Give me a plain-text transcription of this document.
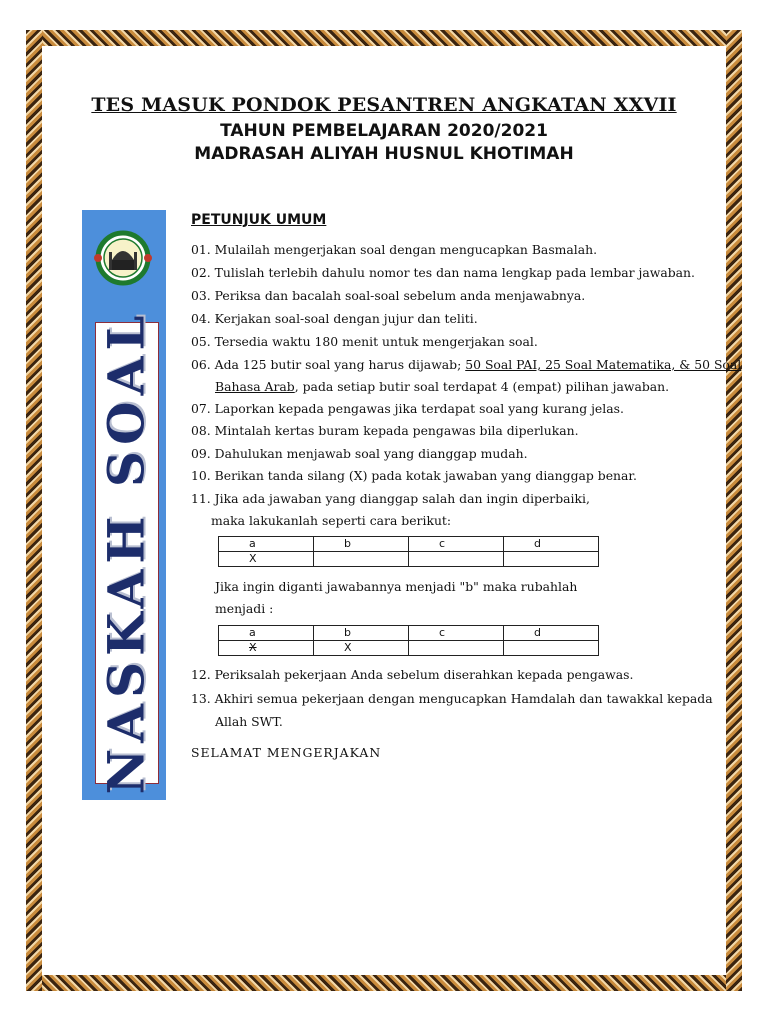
TES MASUK PONDOK PESANTREN ANGKATAN XXVII
TAHUN PEMBELAJARAN 2020/2021
MADRASAH ALIYAH HUSNUL KHOTIMAH
NASKAH SOAL
PETUNJUK UMUM
01. Mulailah mengerjakan soal dengan mengucapkan Basmalah.
02. Tulislah terlebih dahulu nomor tes dan nama lengkap pada lembar jawaban.
03. Periksa dan bacalah soal-soal sebelum anda menjawabnya.
04. Kerjakan soal-soal dengan jujur dan teliti.
05. Tersedia waktu 180 menit untuk mengerjakan soal.
06. Ada 125 butir soal yang harus dijawab; 50 Soal PAI, 25 Soal Matematika, & 50 Soal
Bahasa Arab, pada setiap butir soal terdapat 4 (empat) pilihan jawaban.
07. Laporkan kepada pengawas jika terdapat soal yang kurang jelas.
08. Mintalah kertas buram kepada pengawas bila diperlukan.
09. Dahulukan menjawab soal yang dianggap mudah.
10. Berikan tanda silang (X) pada kotak jawaban yang dianggap benar.
11. Jika ada jawaban yang dianggap salah dan ingin diperbaiki,
maka lakukanlah seperti cara berikut:
a	b	c	d
X			
Jika ingin diganti jawabannya menjadi "b" maka rubahlah
menjadi :
a	b	c	d
X	X		
12. Periksalah pekerjaan Anda sebelum diserahkan kepada pengawas.
13. Akhiri semua pekerjaan dengan mengucapkan Hamdalah dan tawakkal kepada
Allah SWT.
SELAMAT MENGERJAKAN
